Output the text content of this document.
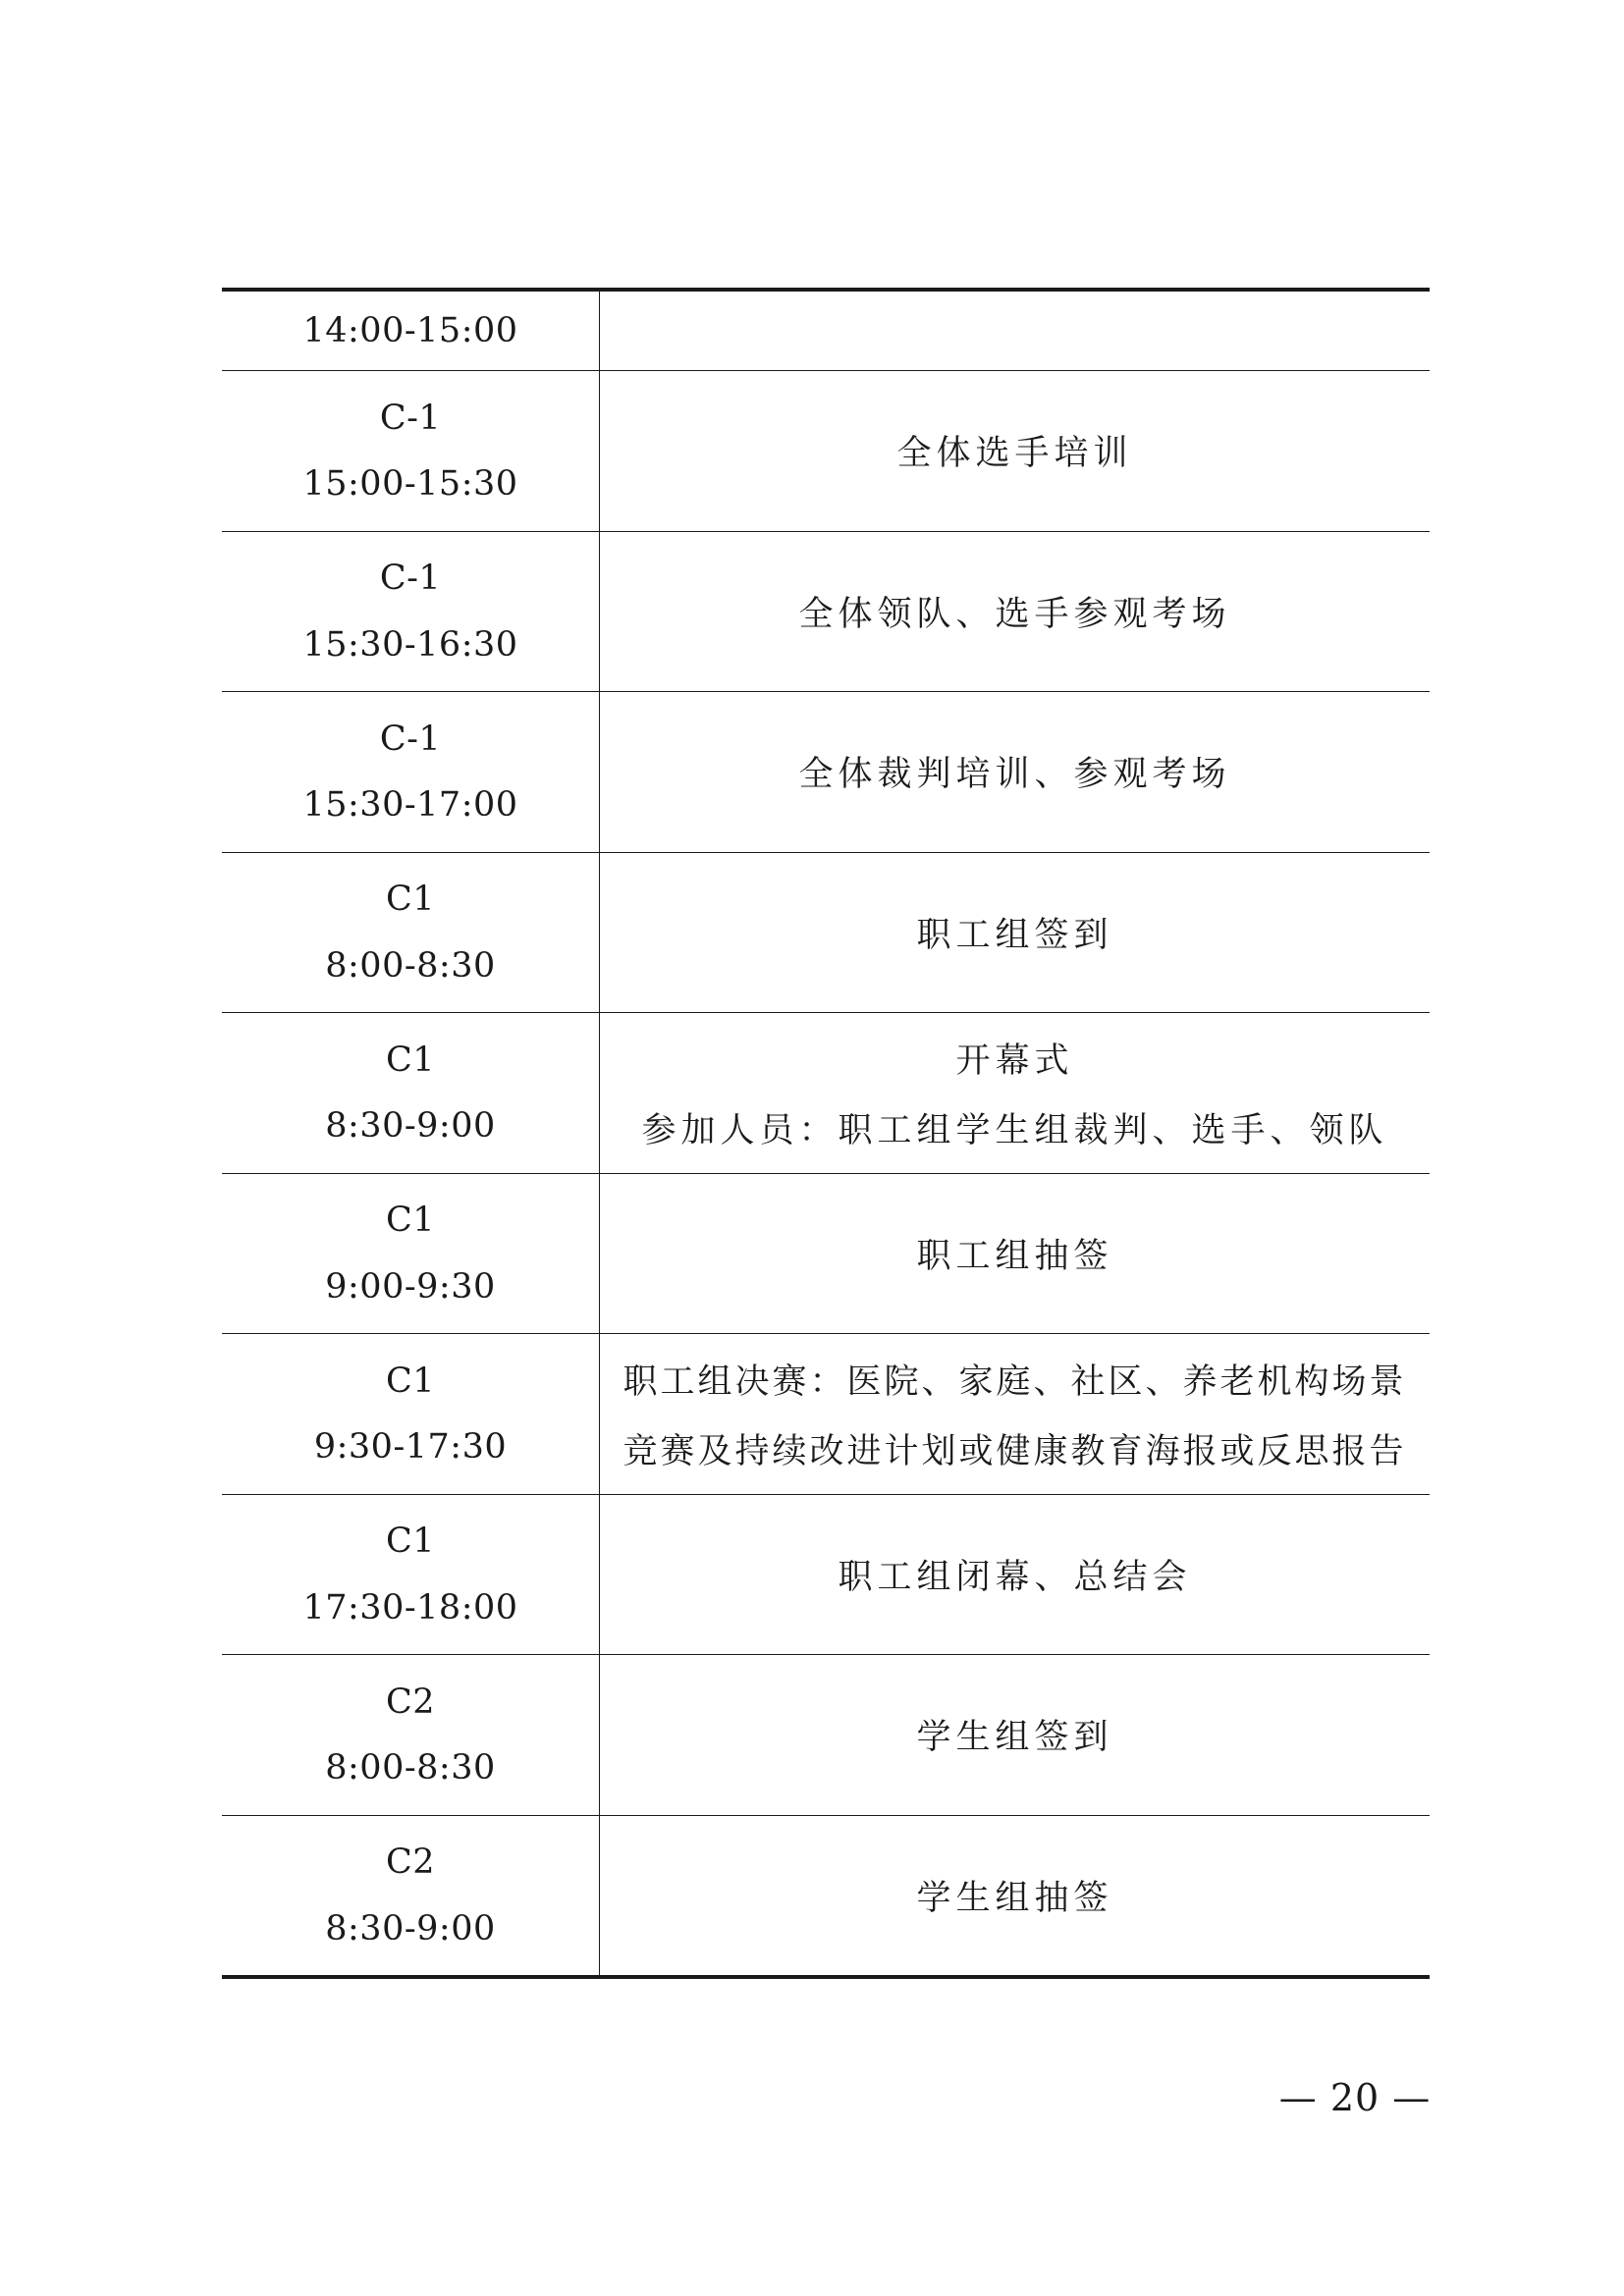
14:00-15:00
C-1
15:00-15:30
全体选手培训
C-1
15:30-16:30
全体领队、选手参观考场
C-1
15:30-17:00
全体裁判培训、参观考场
C1
8:00-8:30
职工组签到
C1
8:30-9:00
开幕式
参加人员：职工组学生组裁判、选手、领队
C1
9:00-9:30
职工组抽签
C1
9:30-17:30
职工组决赛：医院、家庭、社区、养老机构场景
竞赛及持续改进计划或健康教育海报或反思报告
C1
17:30-18:00
职工组闭幕、总结会
C2
8:00-8:30
学生组签到
C2
8:30-9:00
学生组抽签
— 20 —
